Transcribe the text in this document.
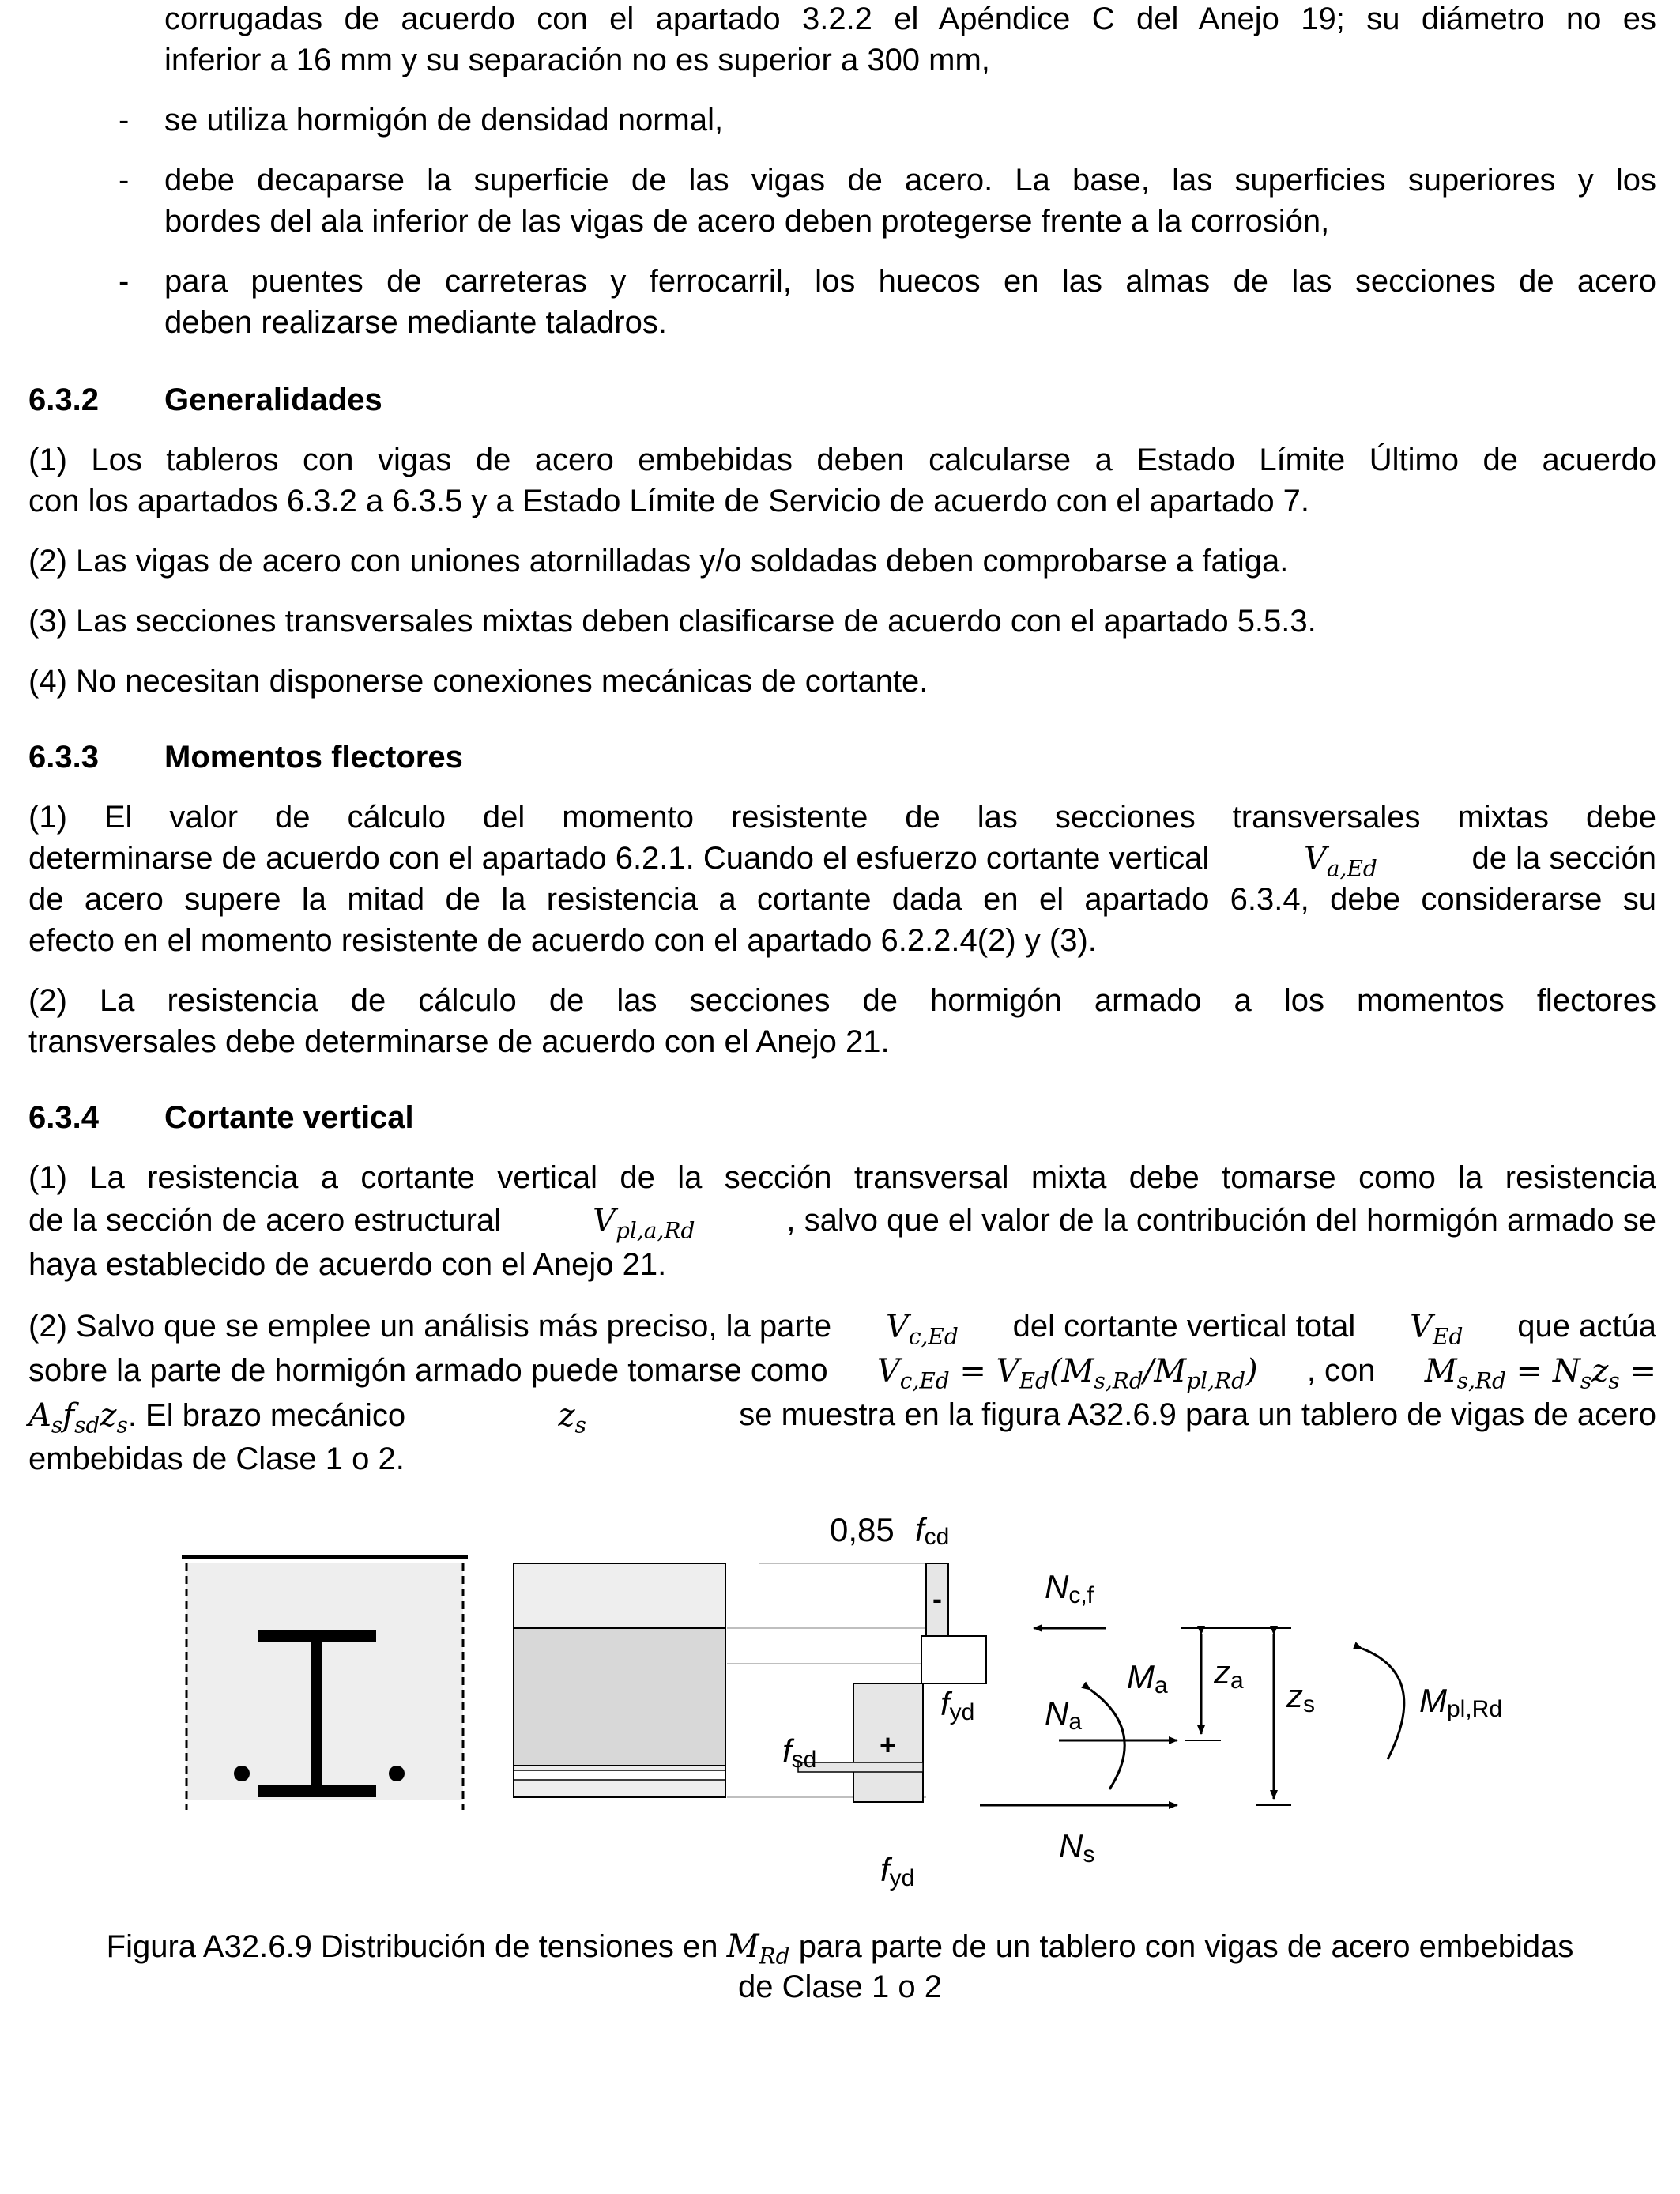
corrugadas de acuerdo con el apartado 3.2.2 el Apéndice C del Anejo 19; su diámetro no es
inferior a 16 mm y su separación no es superior a 300 mm,
- se utiliza hormigón de densidad normal,
- debe decaparse la superficie de las vigas de acero. La base, las superficies superiores y los
bordes del ala inferior de las vigas de acero deben protegerse frente a la corrosión,
- para puentes de carreteras y ferrocarril, los huecos en las almas de las secciones de acero
deben realizarse mediante taladros.
6.3.2 Generalidades
(1) Los tableros con vigas de acero embebidas deben calcularse a Estado Límite Último de acuerdo
con los apartados 6.3.2 a 6.3.5 y a Estado Límite de Servicio de acuerdo con el apartado 7.
(2) Las vigas de acero con uniones atornilladas y/o soldadas deben comprobarse a fatiga.
(3) Las secciones transversales mixtas deben clasificarse de acuerdo con el apartado 5.5.3.
(4) No necesitan disponerse conexiones mecánicas de cortante.
6.3.3 Momentos flectores
(1) El valor de cálculo del momento resistente de las secciones transversales mixtas debe
determinarse de acuerdo con el apartado 6.2.1. Cuando el esfuerzo cortante vertical	$V_{a,Ed}$	de la sección
de acero supere la mitad de la resistencia a cortante dada en el apartado 6.3.4, debe considerarse su
efecto en el momento resistente de acuerdo con el apartado 6.2.2.4(2) y (3).
(2) La resistencia de cálculo de las secciones de hormigón armado a los momentos flectores
transversales debe determinarse de acuerdo con el Anejo 21.
6.3.4 Cortante vertical
(1) La resistencia a cortante vertical de la sección transversal mixta debe tomarse como la resistencia
de la sección de acero estructural	$V_{pl,a,Rd}$	, salvo que el valor de la contribución del hormigón armado se
haya establecido de acuerdo con el Anejo 21.
(2) Salvo que se emplee un análisis más preciso, la parte $V_{c,Ed}$ del cortante vertical total $V_{Ed}$ que actúa
sobre la parte de hormigón armado puede tomarse como $V_{c,Ed} = V_{Ed}(M_{s,Rd}/M_{pl,Rd})$ , con $M_{s,Rd} = N_sz_s$ =
$A_sf_{sd}z_s$. El brazo mecánico	$z_s$	se muestra en la figura A32.6.9 para un tablero de vigas de acero
embebidas de Clase 1 o 2.
-
+
0,85 fcd
fsd
fyd
fyd
Nc,f
Na
Ma
Ns
za zs	Mpl,Rd
Figura A32.6.9 Distribución de tensiones en $M_{Rd}$ para parte de un tablero con vigas de acero embebidas
de Clase 1 o 2
